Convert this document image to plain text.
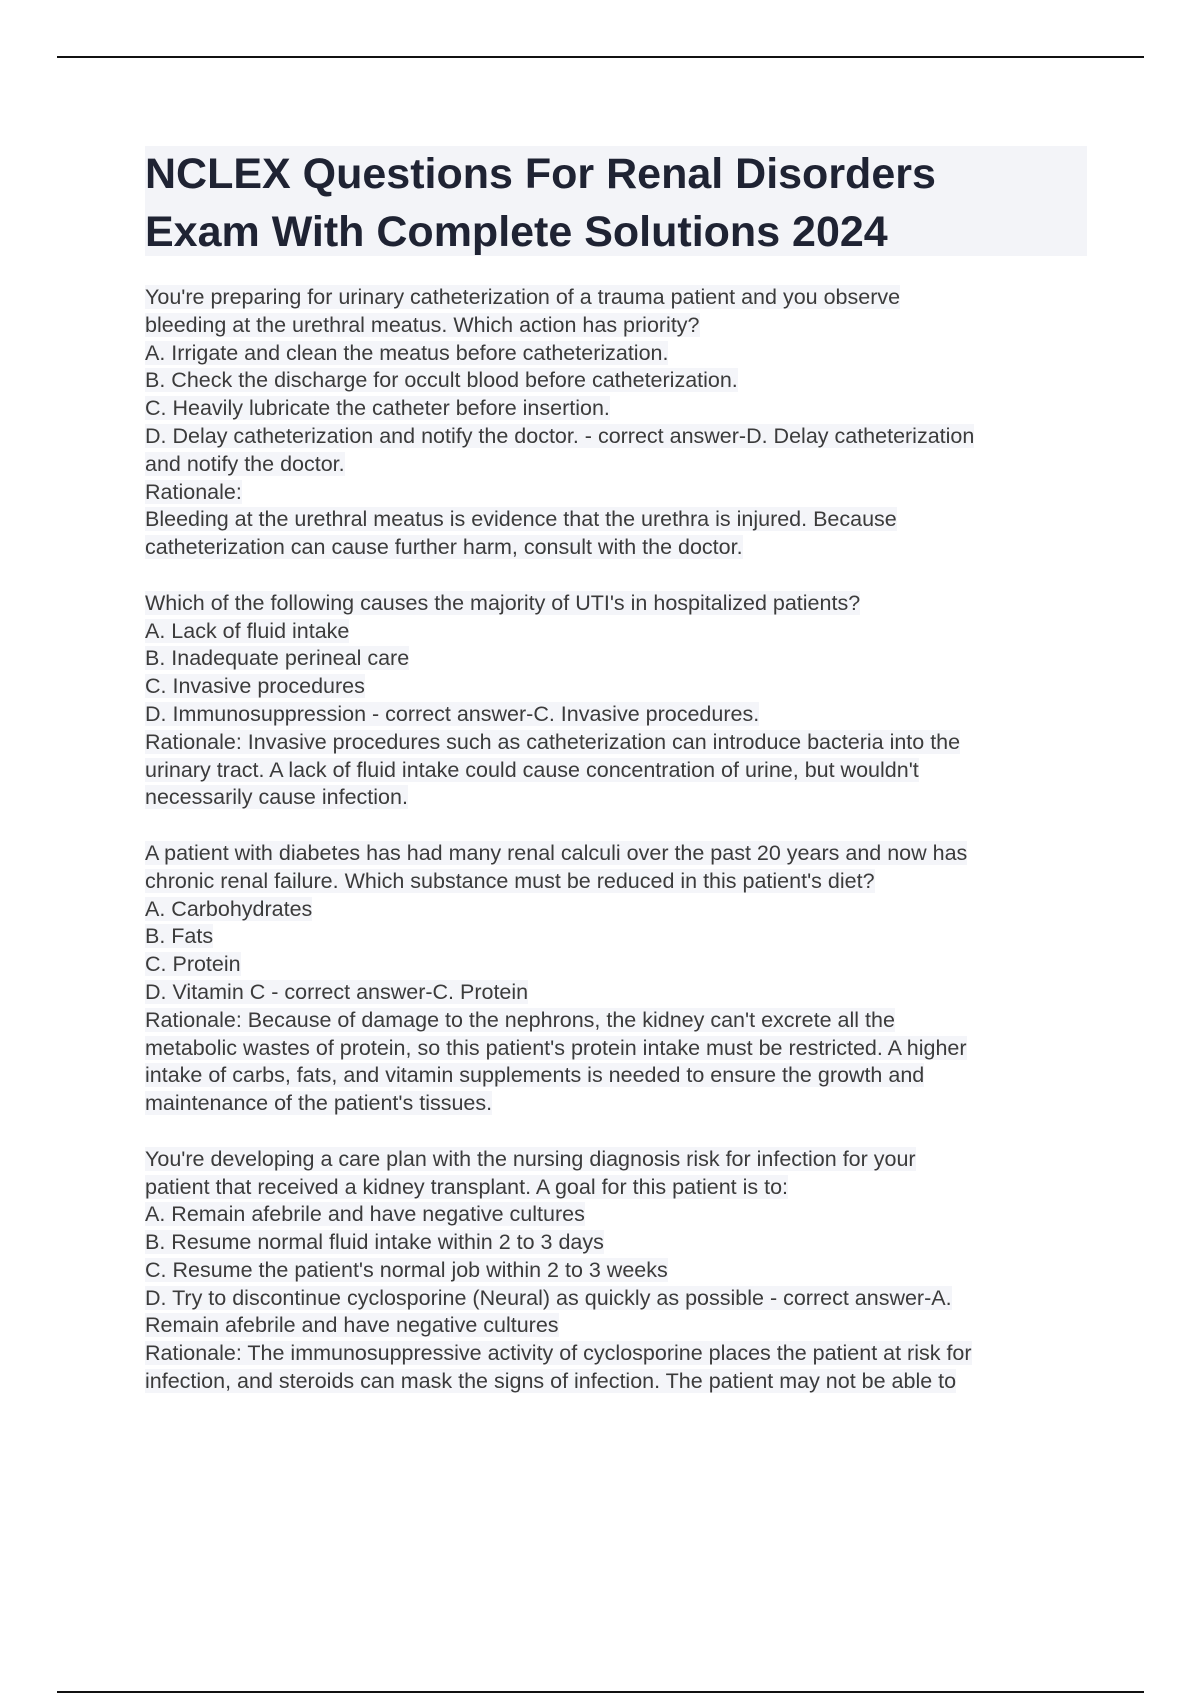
NCLEX Questions For Renal Disorders
Exam With Complete Solutions 2024
You're preparing for urinary catheterization of a trauma patient and you observe
bleeding at the urethral meatus. Which action has priority?
A. Irrigate and clean the meatus before catheterization.
B. Check the discharge for occult blood before catheterization.
C. Heavily lubricate the catheter before insertion.
D. Delay catheterization and notify the doctor. - correct answer-D. Delay catheterization
and notify the doctor.
Rationale:
Bleeding at the urethral meatus is evidence that the urethra is injured. Because
catheterization can cause further harm, consult with the doctor.
Which of the following causes the majority of UTI's in hospitalized patients?
A. Lack of fluid intake
B. Inadequate perineal care
C. Invasive procedures
D. Immunosuppression - correct answer-C. Invasive procedures.
Rationale: Invasive procedures such as catheterization can introduce bacteria into the
urinary tract. A lack of fluid intake could cause concentration of urine, but wouldn't
necessarily cause infection.
A patient with diabetes has had many renal calculi over the past 20 years and now has
chronic renal failure. Which substance must be reduced in this patient's diet?
A. Carbohydrates
B. Fats
C. Protein
D. Vitamin C - correct answer-C. Protein
Rationale: Because of damage to the nephrons, the kidney can't excrete all the
metabolic wastes of protein, so this patient's protein intake must be restricted. A higher
intake of carbs, fats, and vitamin supplements is needed to ensure the growth and
maintenance of the patient's tissues.
You're developing a care plan with the nursing diagnosis risk for infection for your
patient that received a kidney transplant. A goal for this patient is to:
A. Remain afebrile and have negative cultures
B. Resume normal fluid intake within 2 to 3 days
C. Resume the patient's normal job within 2 to 3 weeks
D. Try to discontinue cyclosporine (Neural) as quickly as possible - correct answer-A.
Remain afebrile and have negative cultures
Rationale: The immunosuppressive activity of cyclosporine places the patient at risk for
infection, and steroids can mask the signs of infection. The patient may not be able to
